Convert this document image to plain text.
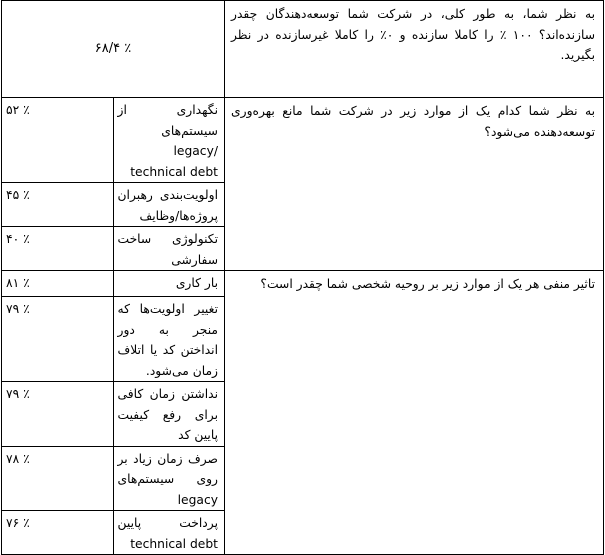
به نظر شما، به طور کلی، در شرکت شما توسعه‌دهندگان چقدر سازنده‌اند؟ ۱۰۰ ٪ را کاملا سازنده و ۰٪ را کاملا غیرسازنده در نظر بگیرید.	٪ ۶۸/۴	
به نظر شما کدام یک از موارد زیر در شرکت شما مانع بهره‌وری توسعه‌دهنده می‌شود؟	نگهداری از سیستم‌های legacy/ technical debt	٪ ۵۲
	اولویت‌بندی رهبران پروژه‌ها/وظایف	٪ ۴۵
	تکنولوژی ساخت سفارشی	٪ ۴۰
تاثیر منفی هر یک از موارد زیر بر روحیه شخصی شما چقدر است؟	بار کاری	٪ ۸۱
	تغییر اولویت‌ها که منجر به دور انداختن کد یا اتلاف زمان می‌شود.	٪ ۷۹
	نداشتن زمان کافی برای رفع کیفیت پایین کد	٪ ۷۹
	صرف زمان زیاد بر روی سیستم‌های legacy	٪ ۷۸
	پرداخت پایین technical debt	٪ ۷۶
